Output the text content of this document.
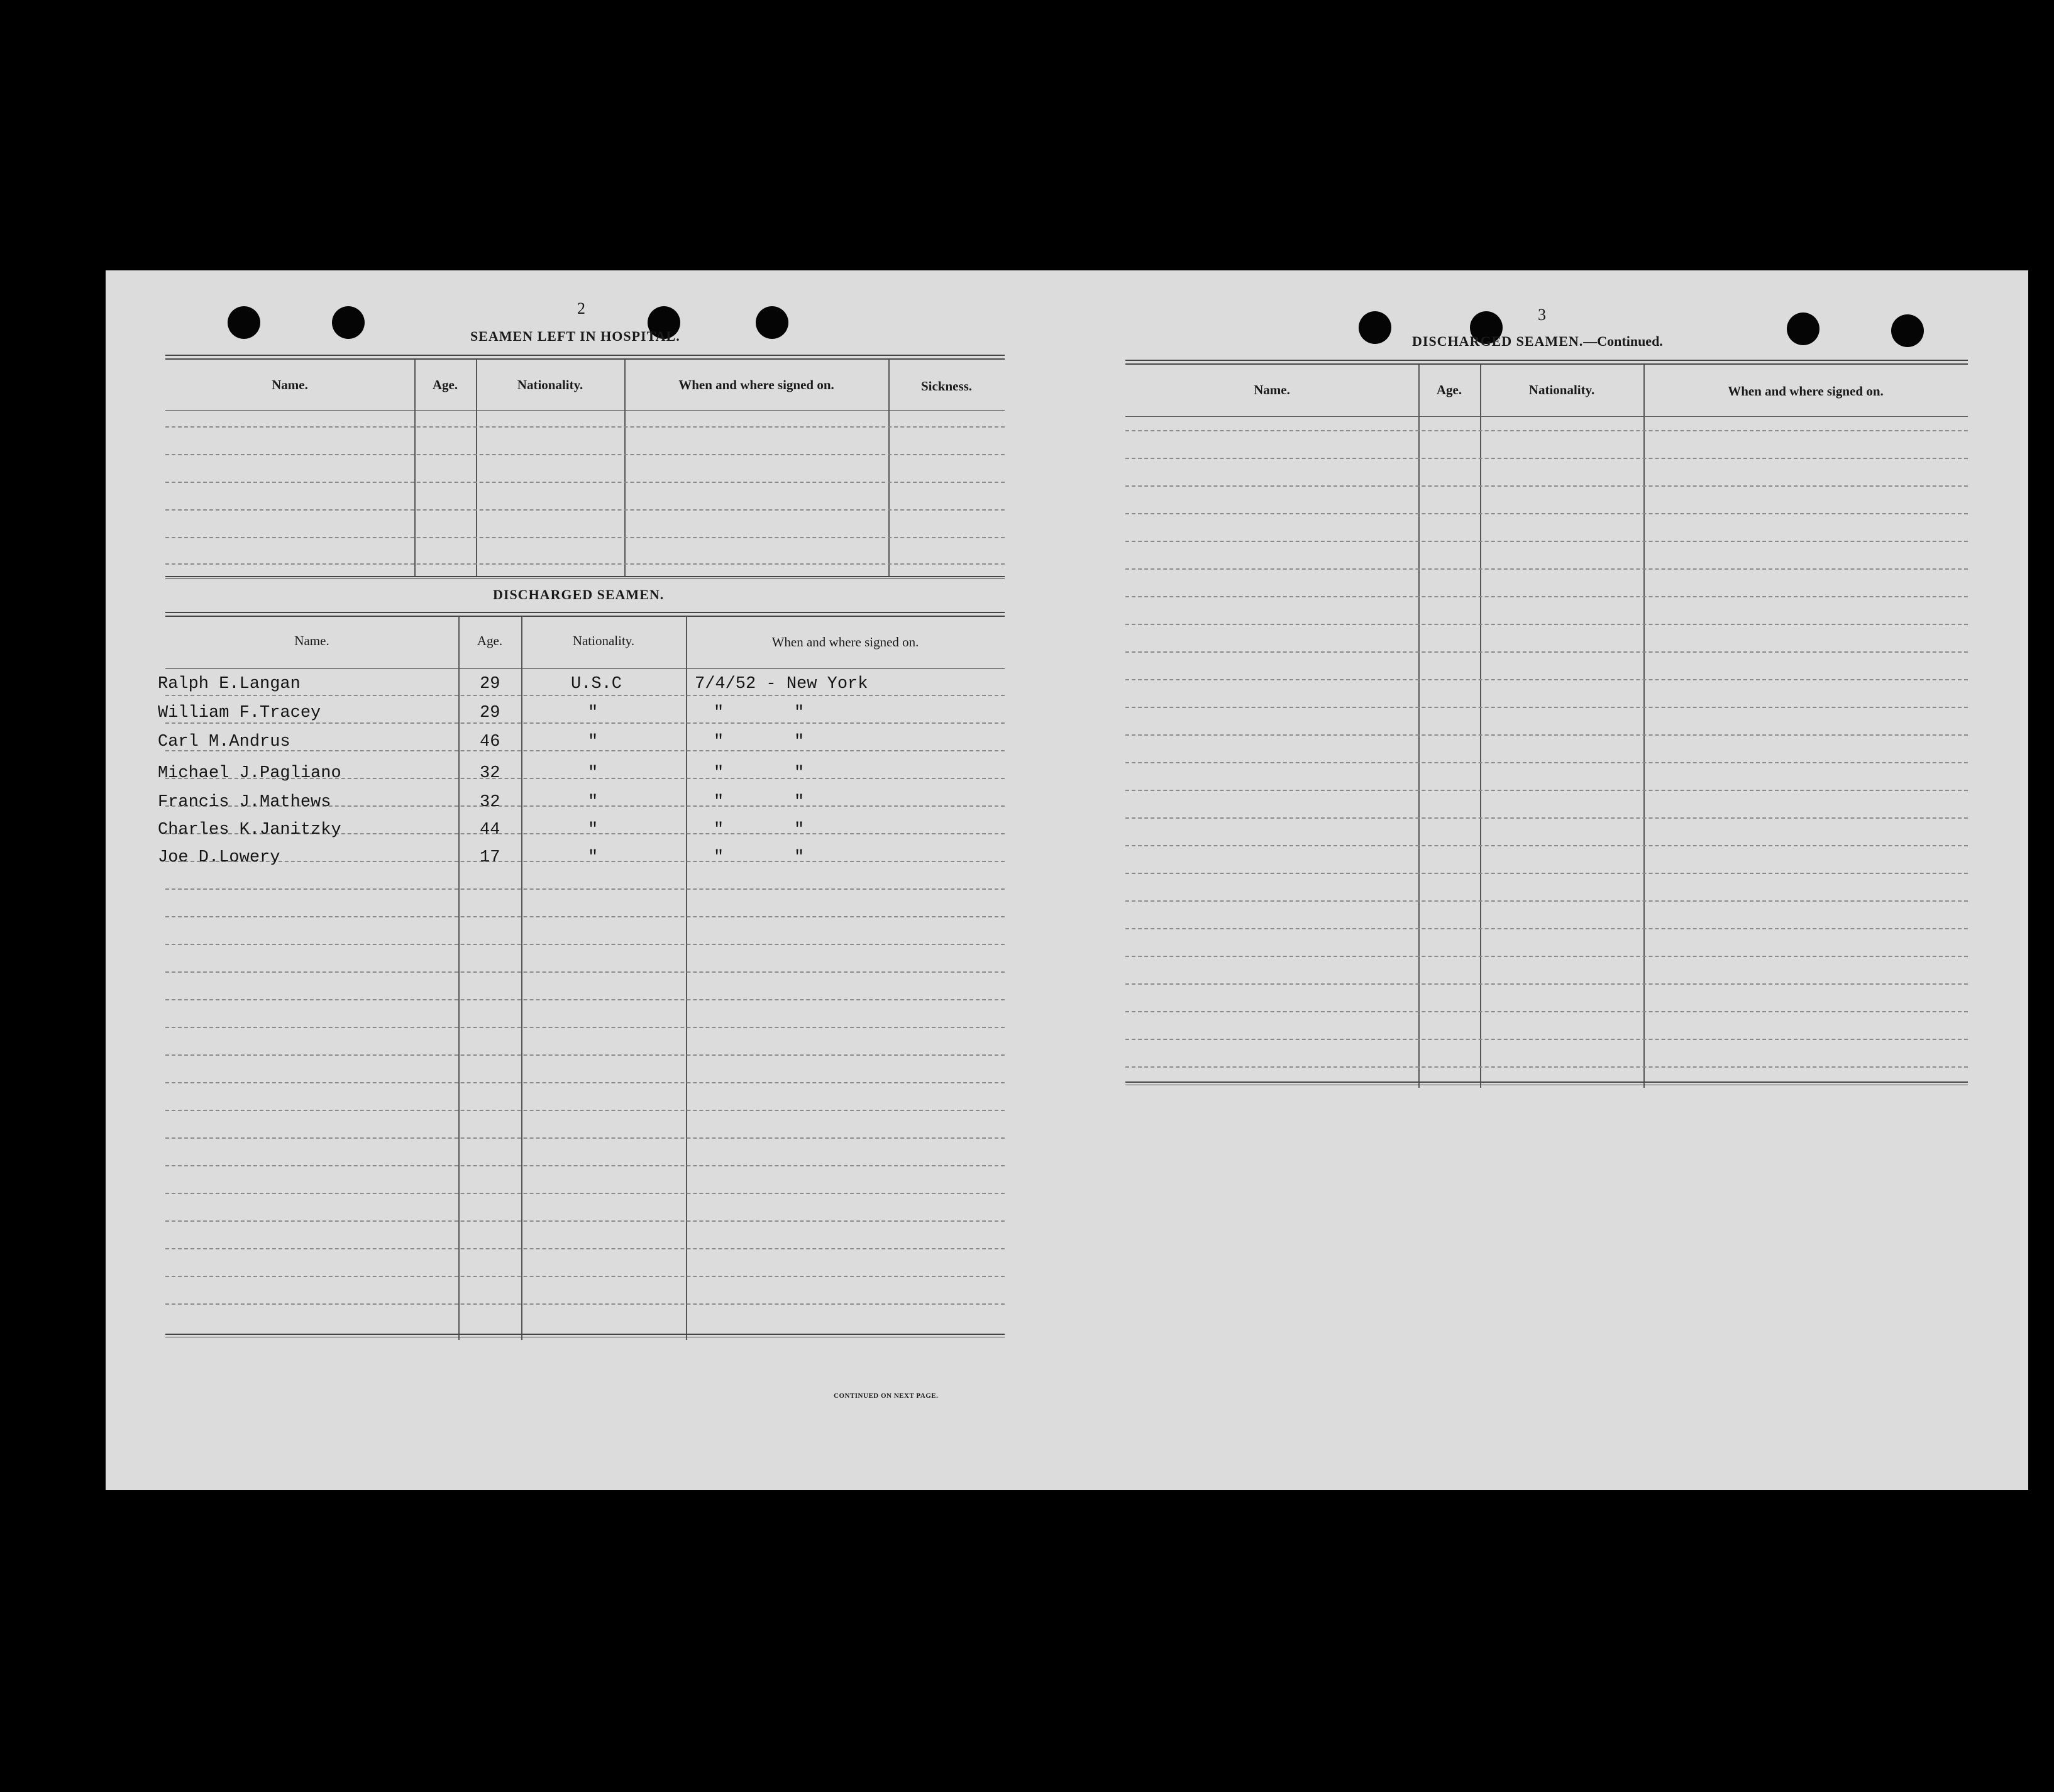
2
SEAMEN LEFT IN HOSPITAL.
Name.	Age.	Nationality.	When and where signed on.	Sickness.
DISCHARGED SEAMEN.
Name.	Age.	Nationality.	When and where signed on.
Ralph E.Langan	29	U.S.C	7/4/52 - New York
William F.Tracey	29	"	"	"
Carl M.Andrus	46	"	"	"
Michael J.Pagliano	32	"	"	"
Francis J.Mathews	32	"	"	"
Charles K.Janitzky	44	"	"	"
Joe D.Lowery	17	"	"	"
CONTINUED ON NEXT PAGE.
3
DISCHARGED SEAMEN.—Continued.
Name.	Age.	Nationality.	When and where signed on.
